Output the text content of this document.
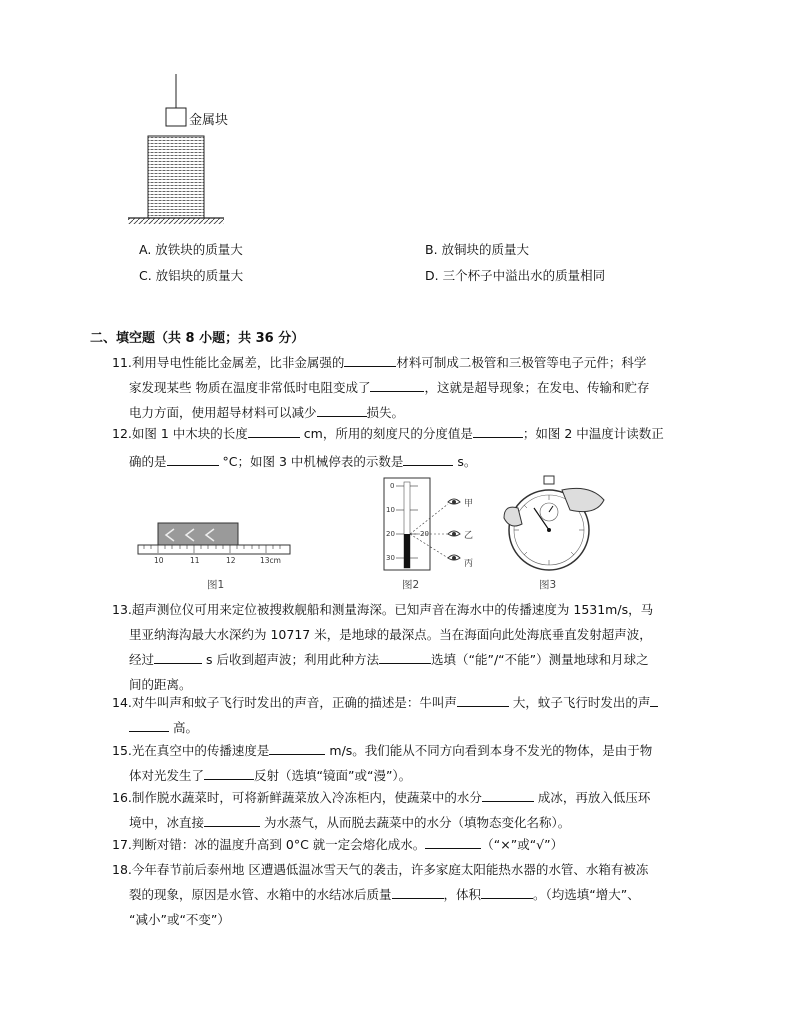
金属块
A. 放铁块的质量大	B. 放铜块的质量大
C. 放铝块的质量大	D. 三个杯子中溢出水的质量相同
二、填空题（共 8 小题；共 36 分）
11.利用导电性能比金属差，比非金属强的	材料可制成二极管和三极管等电子元件；科学
家发现某些 物质在温度非常低时电阻变成了	，这就是超导现象；在发电、传输和贮存
电力方面，使用超导材料可以减少	损失。
12.如图 1 中木块的长度	cm，所用的刻度尺的分度值是	；如图 2 中温度计读数正
确的是	°C；如图 3 中机械停表的示数是	s。
10	11	12	13cm
图1
0
10
20
30
20
甲
乙
丙
图2	图3
13.超声测位仪可用来定位被搜救舰船和测量海深。已知声音在海水中的传播速度为 1531m/s，马
里亚纳海沟最大水深约为 10717 米，是地球的最深点。当在海面向此处海底垂直发射超声波，
经过	s 后收到超声波；利用此种方法	选填（“能”/“不能”）测量地球和月球之
间的距离。
14.对牛叫声和蚊子飞行时发出的声音，正确的描述是：牛叫声	大，蚊子飞行时发出的声
高。
15.光在真空中的传播速度是	m/s。我们能从不同方向看到本身不发光的物体，是由于物
体对光发生了	反射（选填“镜面”或“漫”）。
16.制作脱水蔬菜时，可将新鲜蔬菜放入冷冻柜内，使蔬菜中的水分	成冰，再放入低压环
境中，冰直接	为水蒸气，从而脱去蔬菜中的水分（填物态变化名称）。
17.判断对错：冰的温度升高到 0°C 就一定会熔化成水。	（“×”或“√”）
18.今年春节前后泰州地 区遭遇低温冰雪天气的袭击，许多家庭太阳能热水器的水管、水箱有被冻
裂的现象，原因是水管、水箱中的水结冰后质量	，体积	。（均选填“增大”、
“减小”或“不变”）
